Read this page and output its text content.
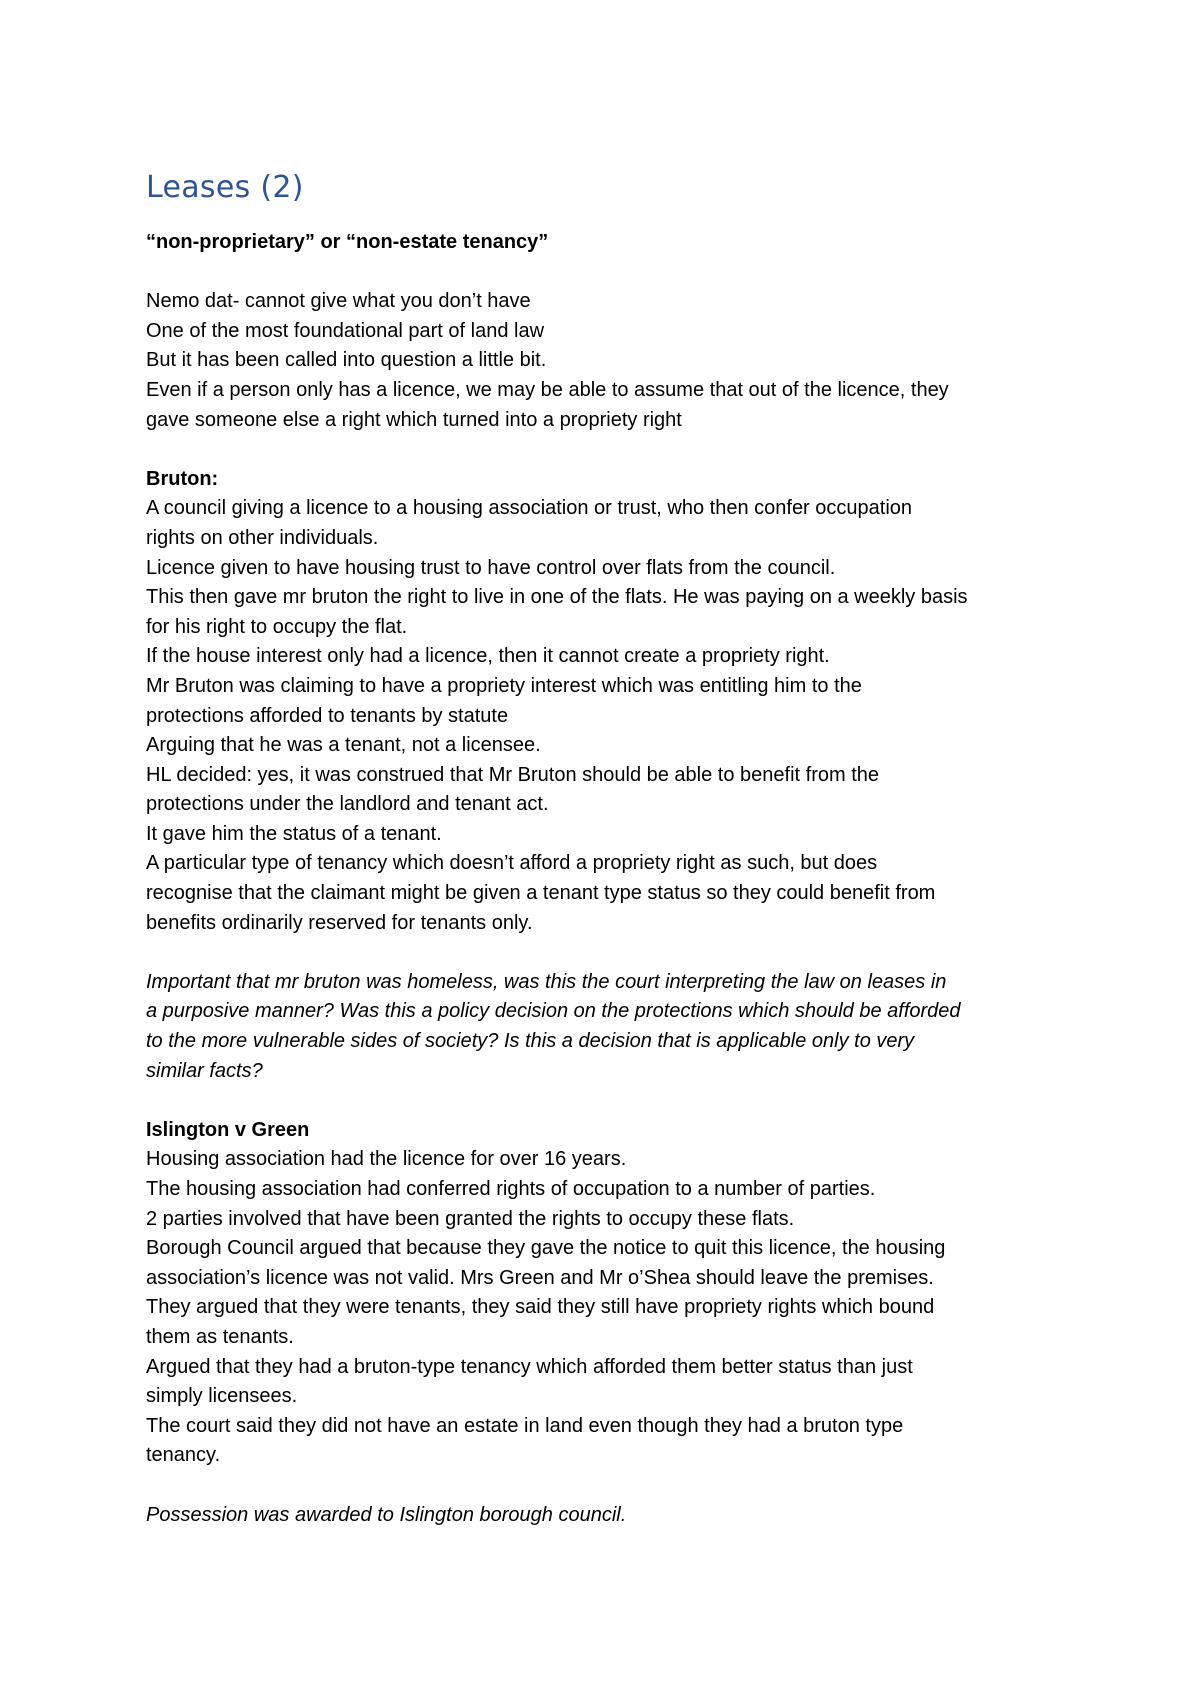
Leases (2)

“non-proprietary” or “non-estate tenancy”

Nemo dat- cannot give what you don’t have

One of the most foundational part of land law

But it has been called into question a little bit.

Even if a person only has a licence, we may be able to assume that out of the licence, they

gave someone else a right which turned into a propriety right

Bruton:

A council giving a licence to a housing association or trust, who then confer occupation

rights on other individuals.

Licence given to have housing trust to have control over flats from the council.

This then gave mr bruton the right to live in one of the flats. He was paying on a weekly basis

for his right to occupy the flat.

If the house interest only had a licence, then it cannot create a propriety right.

Mr Bruton was claiming to have a propriety interest which was entitling him to the

protections afforded to tenants by statute

Arguing that he was a tenant, not a licensee.

HL decided: yes, it was construed that Mr Bruton should be able to benefit from the

protections under the landlord and tenant act.

It gave him the status of a tenant.

A particular type of tenancy which doesn’t afford a propriety right as such, but does

recognise that the claimant might be given a tenant type status so they could benefit from

benefits ordinarily reserved for tenants only.

Important that mr bruton was homeless, was this the court interpreting the law on leases in

a purposive manner? Was this a policy decision on the protections which should be afforded

to the more vulnerable sides of society? Is this a decision that is applicable only to very

similar facts?

Islington v Green

Housing association had the licence for over 16 years.

The housing association had conferred rights of occupation to a number of parties.

2 parties involved that have been granted the rights to occupy these flats.

Borough Council argued that because they gave the notice to quit this licence, the housing

association’s licence was not valid. Mrs Green and Mr o’Shea should leave the premises.

They argued that they were tenants, they said they still have propriety rights which bound

them as tenants.

Argued that they had a bruton-type tenancy which afforded them better status than just

simply licensees.

The court said they did not have an estate in land even though they had a bruton type

tenancy.

Possession was awarded to Islington borough council.
